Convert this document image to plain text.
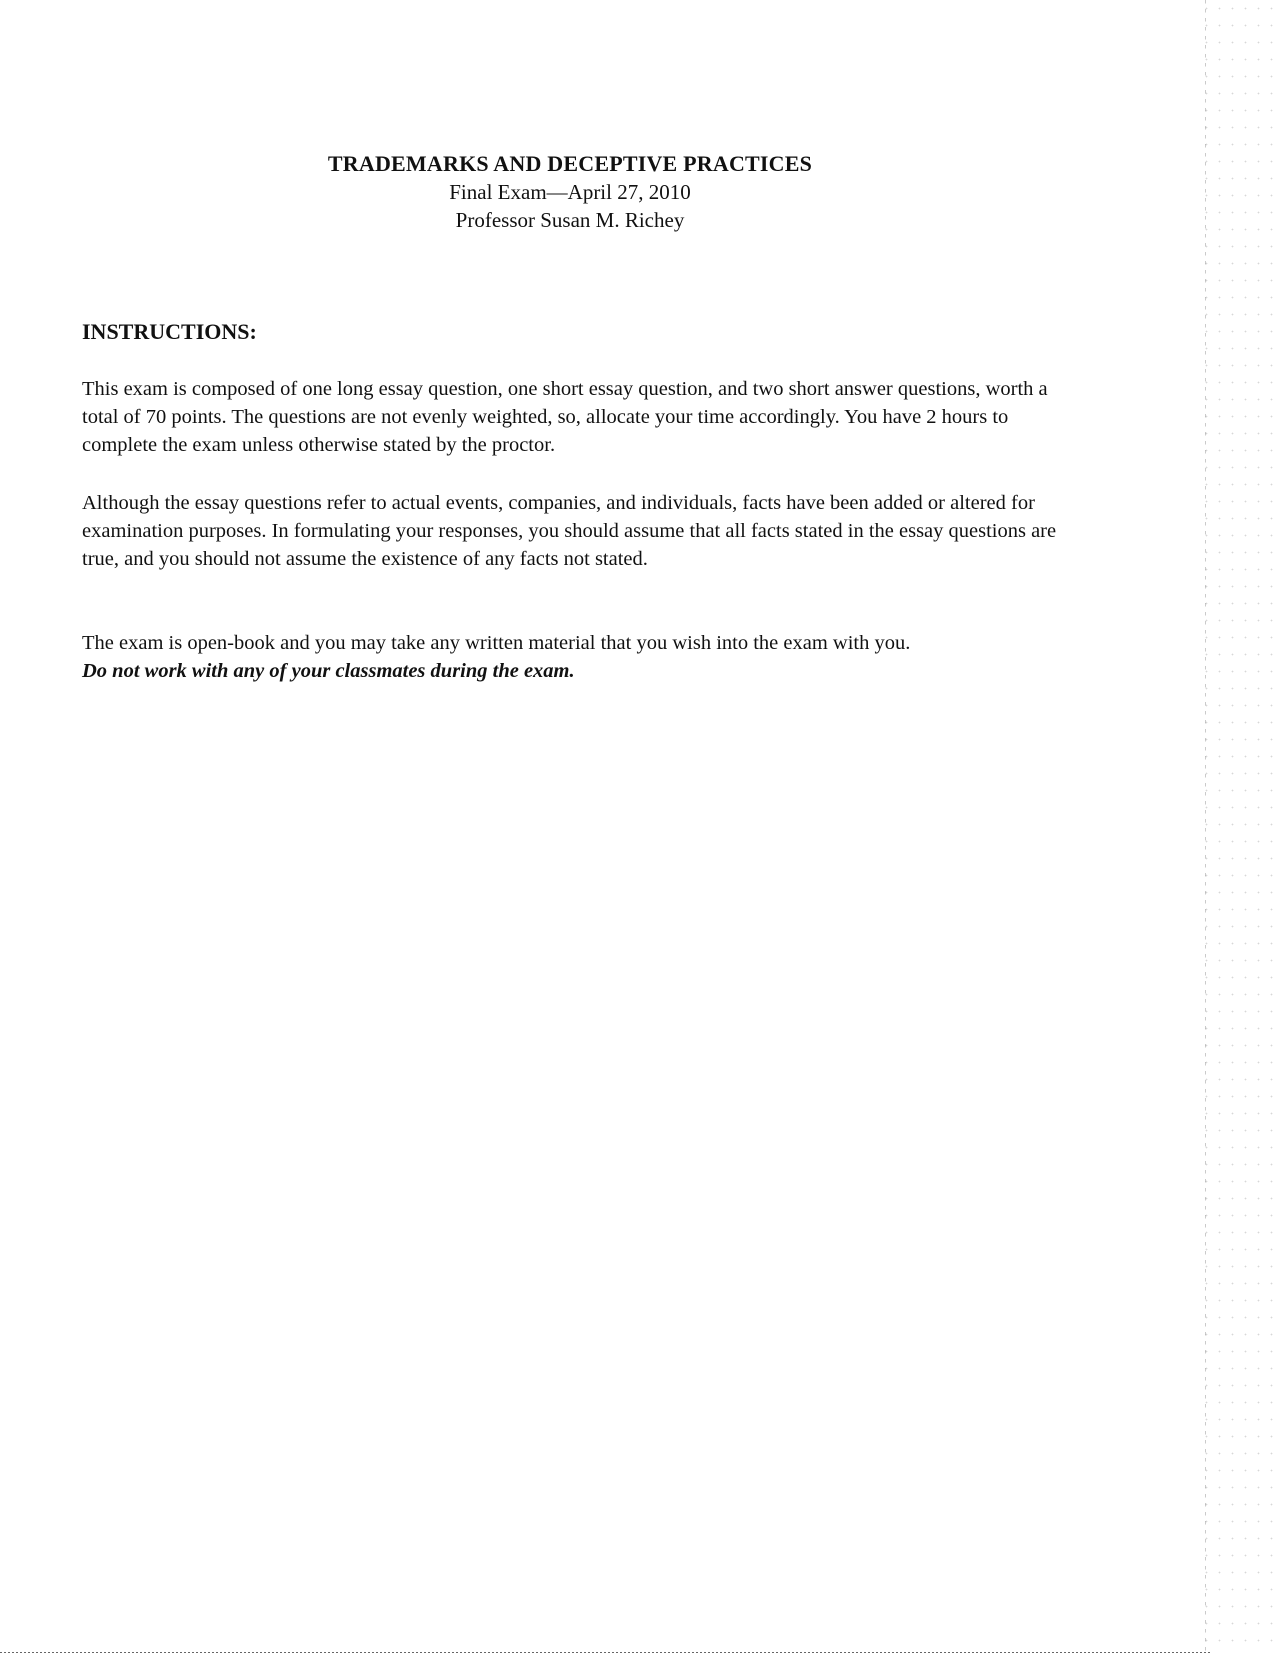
TRADEMARKS AND DECEPTIVE PRACTICES

Final Exam—April 27, 2010

Professor Susan M. Richey

INSTRUCTIONS:

This exam is composed of one long essay question, one short essay question, and two short answer questions, worth a total of 70 points. The questions are not evenly weighted, so, allocate your time accordingly. You have 2 hours to complete the exam unless otherwise stated by the proctor.

Although the essay questions refer to actual events, companies, and individuals, facts have been added or altered for examination purposes. In formulating your responses, you should assume that all facts stated in the essay questions are true, and you should not assume the existence of any facts not stated.

The exam is open-book and you may take any written material that you wish into the exam with you.
Do not work with any of your classmates during the exam.
